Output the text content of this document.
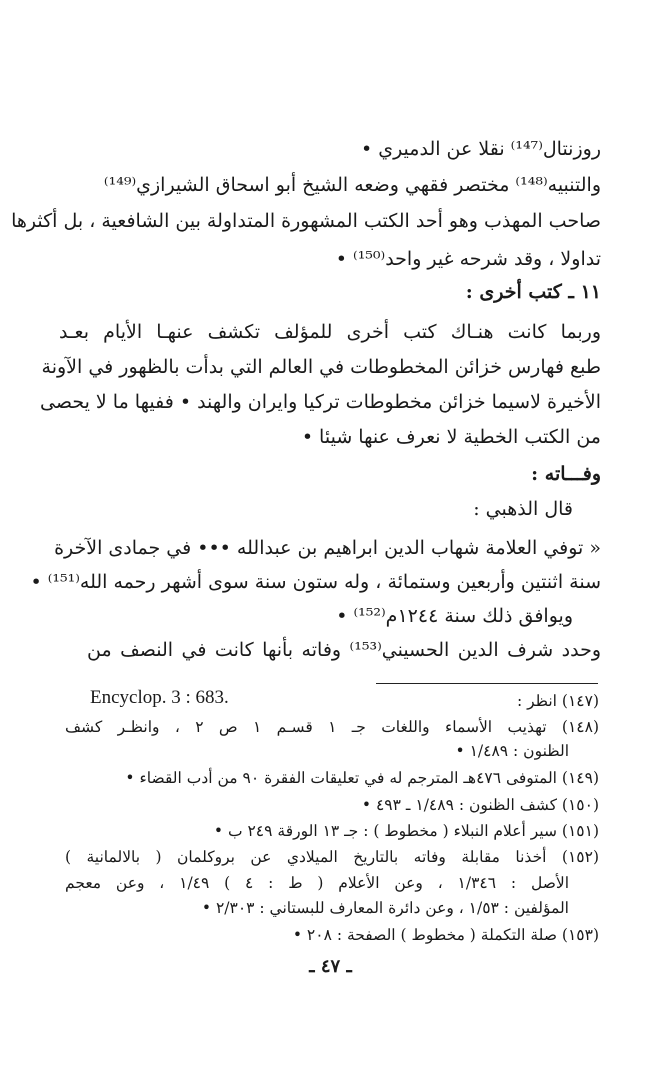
روزنتال⁽¹⁴⁷⁾ نقلا عن الدميري •
والتنبيه⁽¹⁴⁸⁾ مختصر فقهي وضعه الشيخ أبو اسحاق الشيرازي⁽¹⁴⁹⁾
صاحب المهذب وهو أحد الكتب المشهورة المتداولة بين الشافعية ، بل أكثرها
تداولا ، وقد شرحه غير واحد⁽¹⁵⁰⁾ •
١١ ـ كتب أخرى :
وربما كانت هنـاك كتب أخرى للمؤلف تكشف عنهـا الأيام بعـد
طبع فهارس خزائن المخطوطات في العالم التي بدأت بالظهور في الآونة
الأخيرة لاسيما خزائن مخطوطات تركيا وايران والهند • ففيها ما لا يحصى
من الكتب الخطية لا نعرف عنها شيئا •
وفـــاته :
قال الذهبي :
« توفي العلامة شهاب الدين ابراهيم بن عبدالله ••• في جمادى الآخرة
سنة اثنتين وأربعين وستمائة ، وله ستون سنة سوى أشهر رحمه الله⁽¹⁵¹⁾ •
ويوافق ذلك سنة ١٢٤٤م⁽¹⁵²⁾ •
وحدد شرف الدين الحسيني⁽¹⁵³⁾ وفاته بأنها كانت في النصف من
Encyclop. 3 : 683.	(١٤٧) انظر :
(١٤٨) تهذيب الأسماء واللغات جـ ١ قسـم ١ ص ٢ ، وانظـر كشف
الظنون : ١/٤٨٩ •
(١٤٩) المتوفى ٤٧٦هـ المترجم له في تعليقات الفقرة ٩٠ من أدب القضاء •
(١٥٠) كشف الظنون : ١/٤٨٩ ـ ٤٩٣ •
(١٥١) سير أعلام النبلاء ( مخطوط ) : جـ ١٣ الورقة ٢٤٩ ب •
(١٥٢) أخذنا مقابلة وفاته بالتاريخ الميلادي عن بروكلمان ( بالالمانية )
الأصل : ١/٣٤٦ ، وعن الأعلام ( ط : ٤ ) ١/٤٩ ، وعن معجم
المؤلفين : ١/٥٣ ، وعن دائرة المعارف للبستاني : ٢/٣٠٣ •
(١٥٣) صلة التكملة ( مخطوط ) الصفحة : ٢٠٨ •
ـ ٤٧ ـ
